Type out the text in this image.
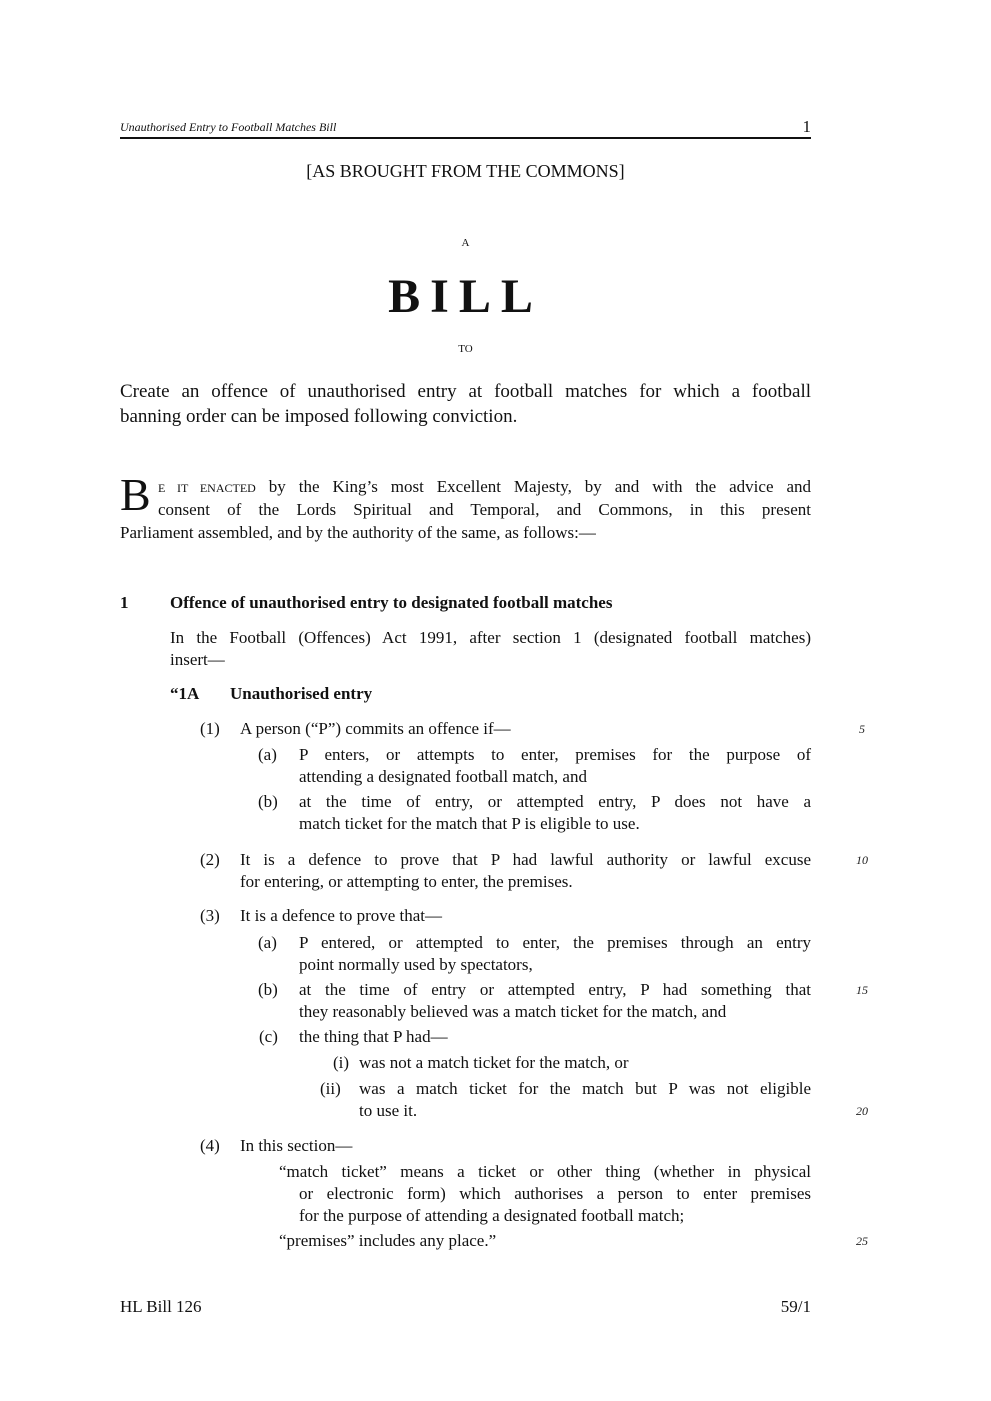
Unauthorised Entry to Football Matches Bill	1
[AS BROUGHT FROM THE COMMONS]
A
BILL
TO
Create an offence of unauthorised entry at football matches for which a football
banning order can be imposed following conviction.
B E IT ENACTED by the King’s most Excellent Majesty, by and with the advice and
consent of the Lords Spiritual and Temporal, and Commons, in this present
Parliament assembled, and by the authority of the same, as follows:—
1 Offence of unauthorised entry to designated football matches
In the Football (Offences) Act 1991, after section 1 (designated football matches)
insert—
“1A Unauthorised entry
(1) A person (“P”) commits an offence if—
(a) P enters, or attempts to enter, premises for the purpose of
attending a designated football match, and
(b) at the time of entry, or attempted entry, P does not have a
match ticket for the match that P is eligible to use.
(2) It is a defence to prove that P had lawful authority or lawful excuse
for entering, or attempting to enter, the premises.
(3) It is a defence to prove that—
(a) P entered, or attempted to enter, the premises through an entry
point normally used by spectators,
(b) at the time of entry or attempted entry, P had something that
they reasonably believed was a match ticket for the match, and
(c) the thing that P had—
(i) was not a match ticket for the match, or
(ii) was a match ticket for the match but P was not eligible
to use it.
(4) In this section—
“match ticket” means a ticket or other thing (whether in physical
or electronic form) which authorises a person to enter premises
for the purpose of attending a designated football match;
“premises” includes any place.”
5
10
15
20
25
HL Bill 126	59/1
